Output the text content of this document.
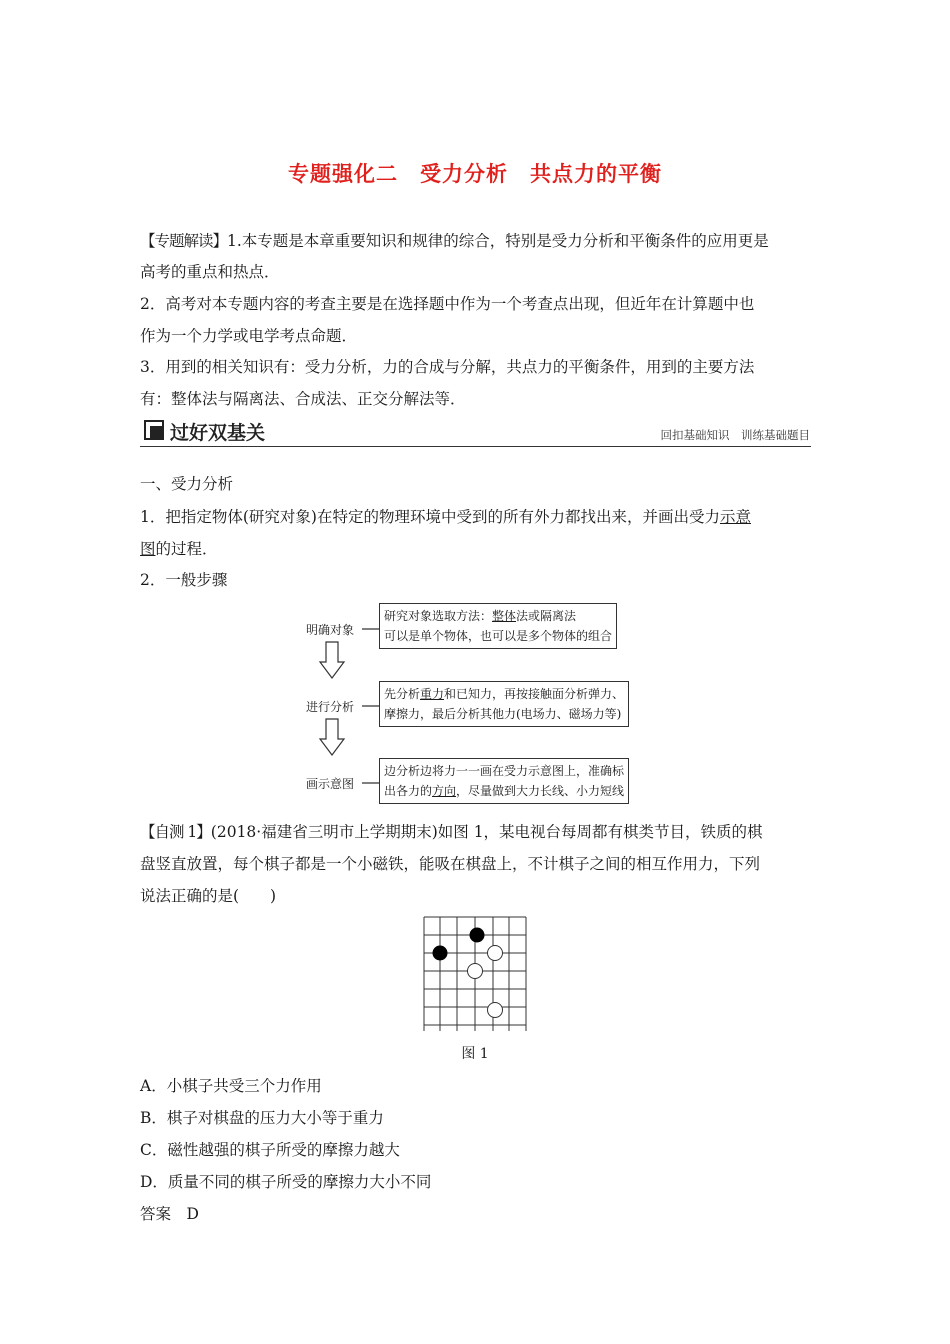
专题强化二　受力分析　共点力的平衡
【专题解读】1.本专题是本章重要知识和规律的综合，特别是受力分析和平衡条件的应用更是
高考的重点和热点．
2．高考对本专题内容的考查主要是在选择题中作为一个考查点出现，但近年在计算题中也
作为一个力学或电学考点命题．
3．用到的相关知识有：受力分析，力的合成与分解，共点力的平衡条件，用到的主要方法
有：整体法与隔离法、合成法、正交分解法等．
过好双基关	回扣基础知识　训练基础题目
一、受力分析
1．把指定物体(研究对象)在特定的物理环境中受到的所有外力都找出来，并画出受力示意
图的过程．
2．一般步骤
明确对象
研究对象选取方法：整体法或隔离法
可以是单个物体，也可以是多个物体的组合
进行分析
先分析重力和已知力，再按接触面分析弹力、
摩擦力，最后分析其他力(电场力、磁场力等)
画示意图
边分析边将力一一画在受力示意图上，准确标
出各力的方向，尽量做到大力长线、小力短线
【自测 1】(2018·福建省三明市上学期期末)如图 1，某电视台每周都有棋类节目，铁质的棋
盘竖直放置，每个棋子都是一个小磁铁，能吸在棋盘上，不计棋子之间的相互作用力，下列
说法正确的是(　　)
图 1
A．小棋子共受三个力作用
B．棋子对棋盘的压力大小等于重力
C．磁性越强的棋子所受的摩擦力越大
D．质量不同的棋子所受的摩擦力大小不同
答案　D
